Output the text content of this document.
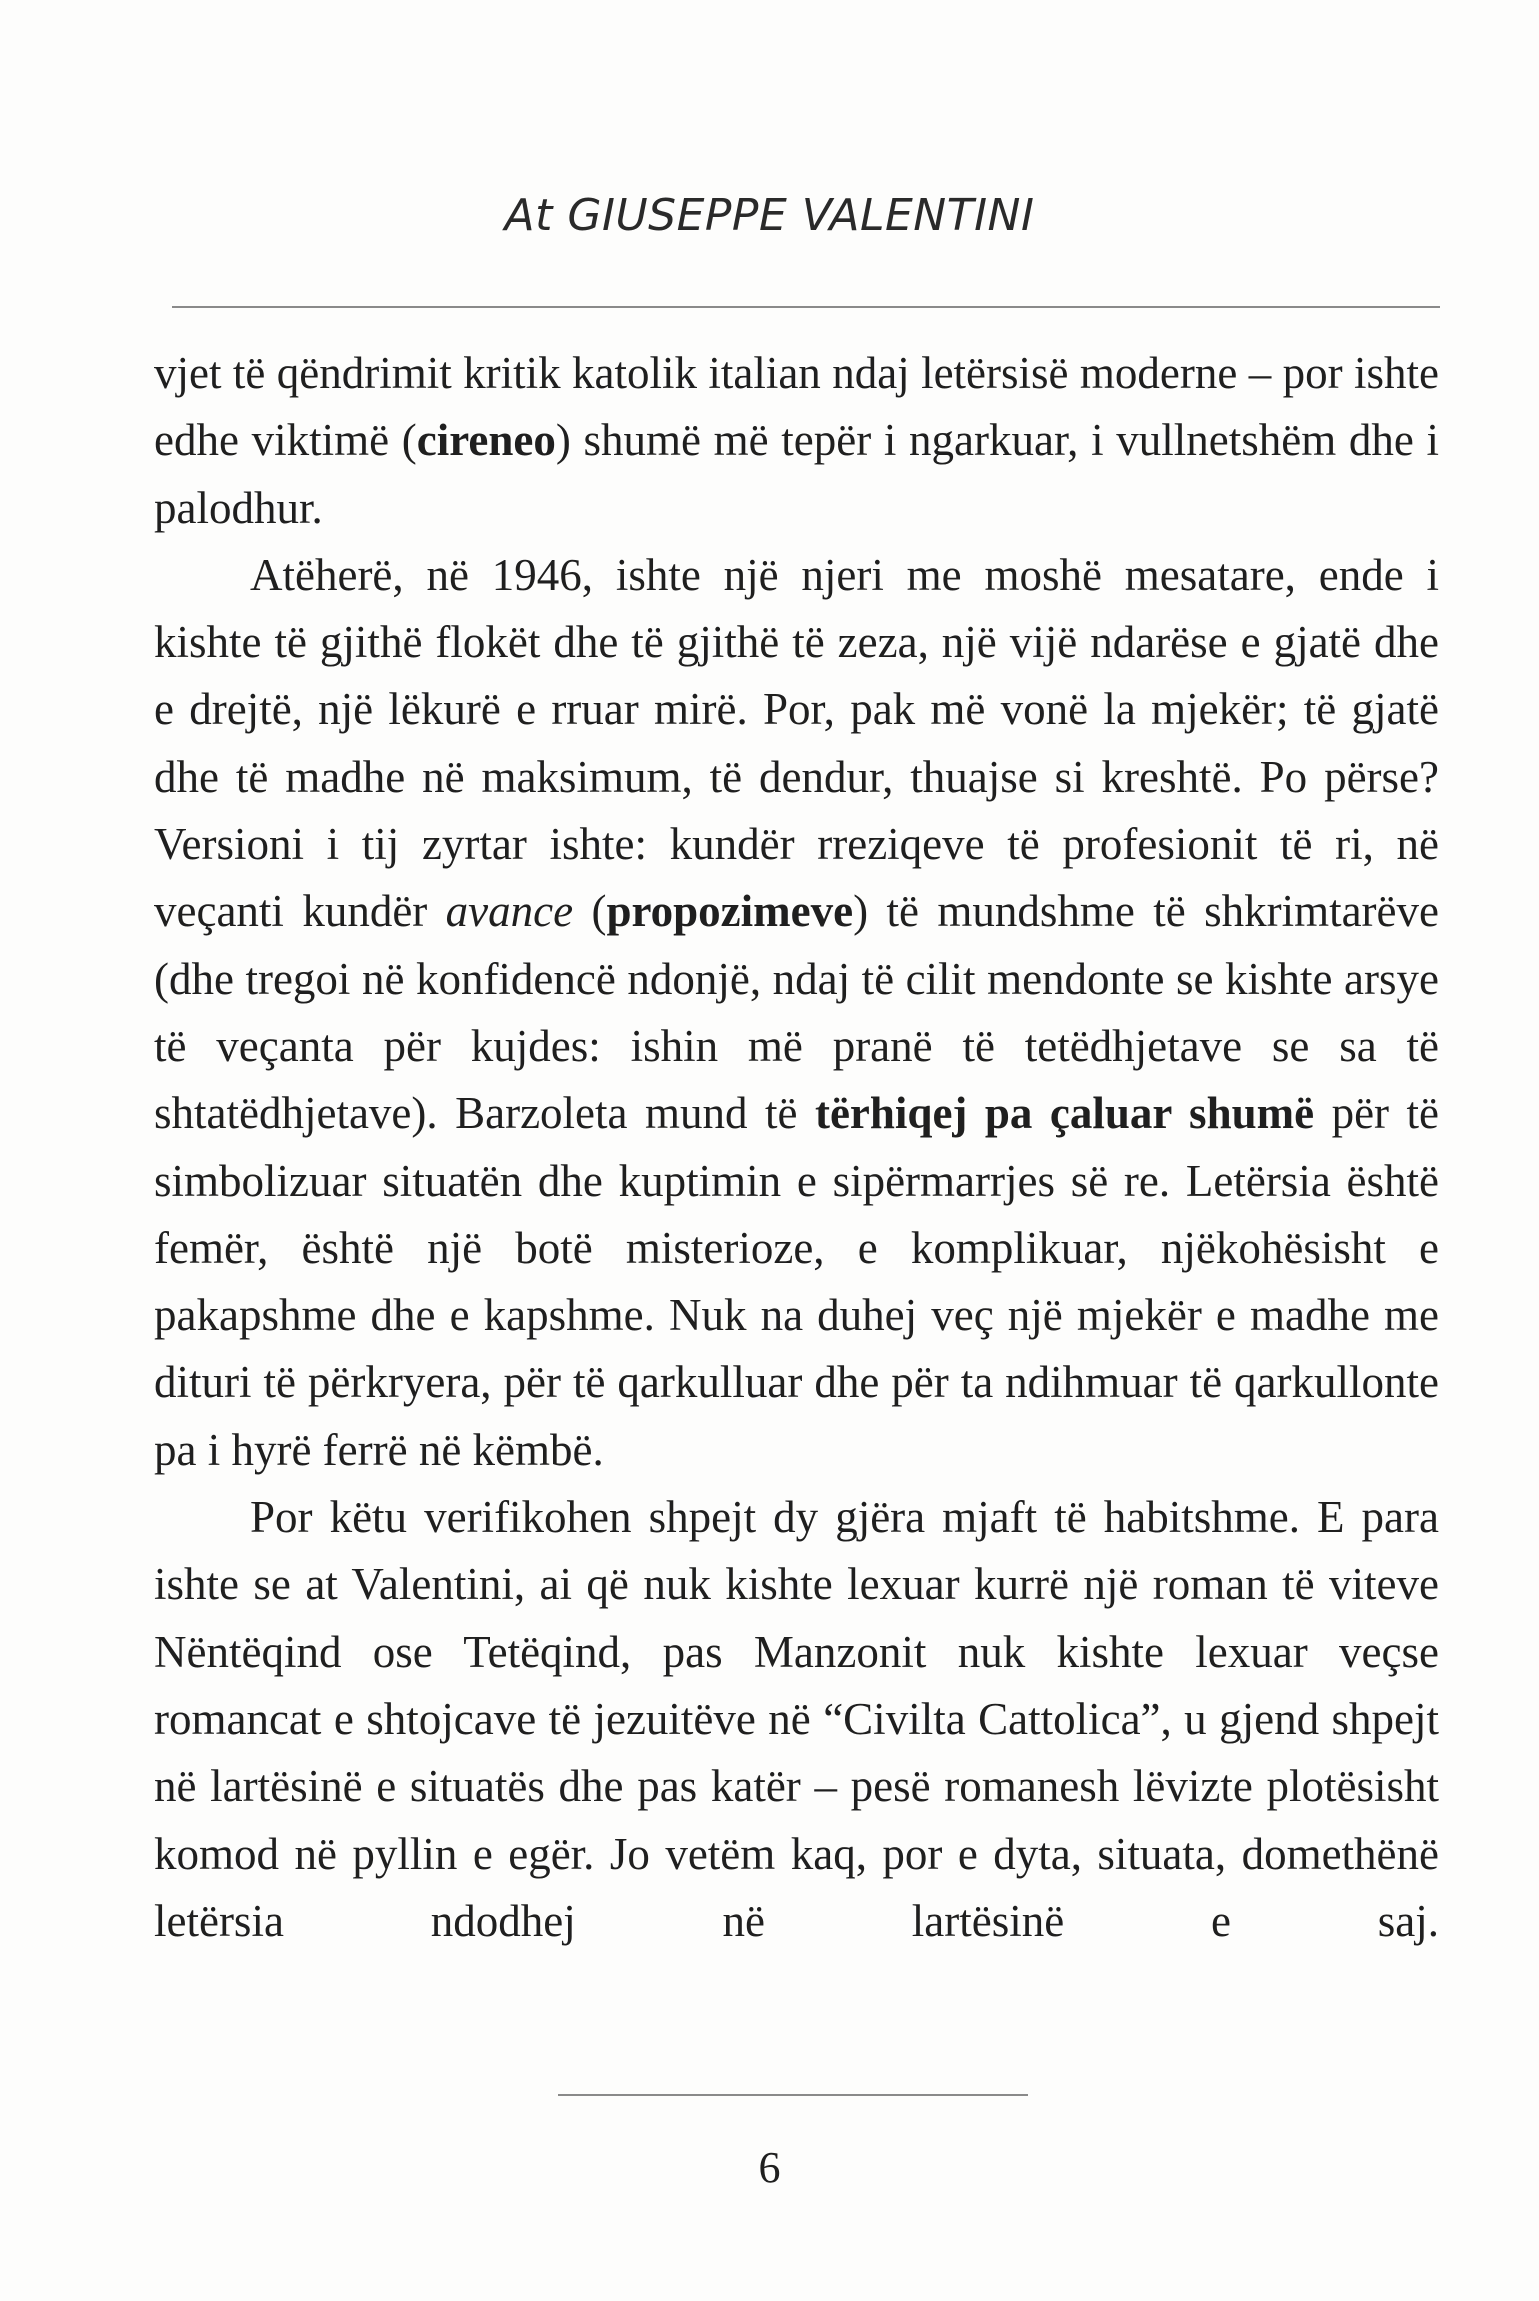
At GIUSEPPE VALENTINI

vjet të qëndrimit kritik katolik italian ndaj letërsisë moderne – por ishte edhe viktimë (cireneo) shumë më tepër i ngarkuar, i vullnetshëm dhe i palodhur.

Atëherë, në 1946, ishte një njeri me moshë mesatare, ende i kishte të gjithë flokët dhe të gjithë të zeza, një vijë ndarëse e gjatë dhe e drejtë, një lëkurë e rruar mirë. Por, pak më vonë la mjekër; të gjatë dhe të madhe në maksimum, të dendur, thuajse si kreshtë. Po përse? Versioni i tij zyrtar ishte: kundër rreziqeve të profesionit të ri, në veçanti kundër avance (propozimeve) të mundshme të shkrimtarëve (dhe tregoi në konfidencë ndonjë, ndaj të cilit mendonte se kishte arsye të veçanta për kujdes: ishin më pranë të tetëdhjetave se sa të shtatëdhjetave). Barzoleta mund të tërhiqej pa çaluar shumë për të simbolizuar situatën dhe kuptimin e sipërmarrjes së re. Letërsia është femër, është një botë misterioze, e komplikuar, njëkohësisht e pakapshme dhe e kapshme. Nuk na duhej veç një mjekër e madhe me dituri të përkryera, për të qarkulluar dhe për ta ndihmuar të qarkullonte pa i hyrë ferrë në këmbë.

Por këtu verifikohen shpejt dy gjëra mjaft të habitshme. E para ishte se at Valentini, ai që nuk kishte lexuar kurrë një roman të viteve Nëntëqind ose Tetëqind, pas Manzonit nuk kishte lexuar veçse romancat e shtojcave të jezuitëve në “Civilta Cattolica”, u gjend shpejt në lartësinë e situatës dhe pas katër – pesë romanesh lëvizte plotësisht komod në pyllin e egër. Jo vetëm kaq, por e dyta, situata, domethënë letërsia ndodhej në lartësinë e saj.

6
